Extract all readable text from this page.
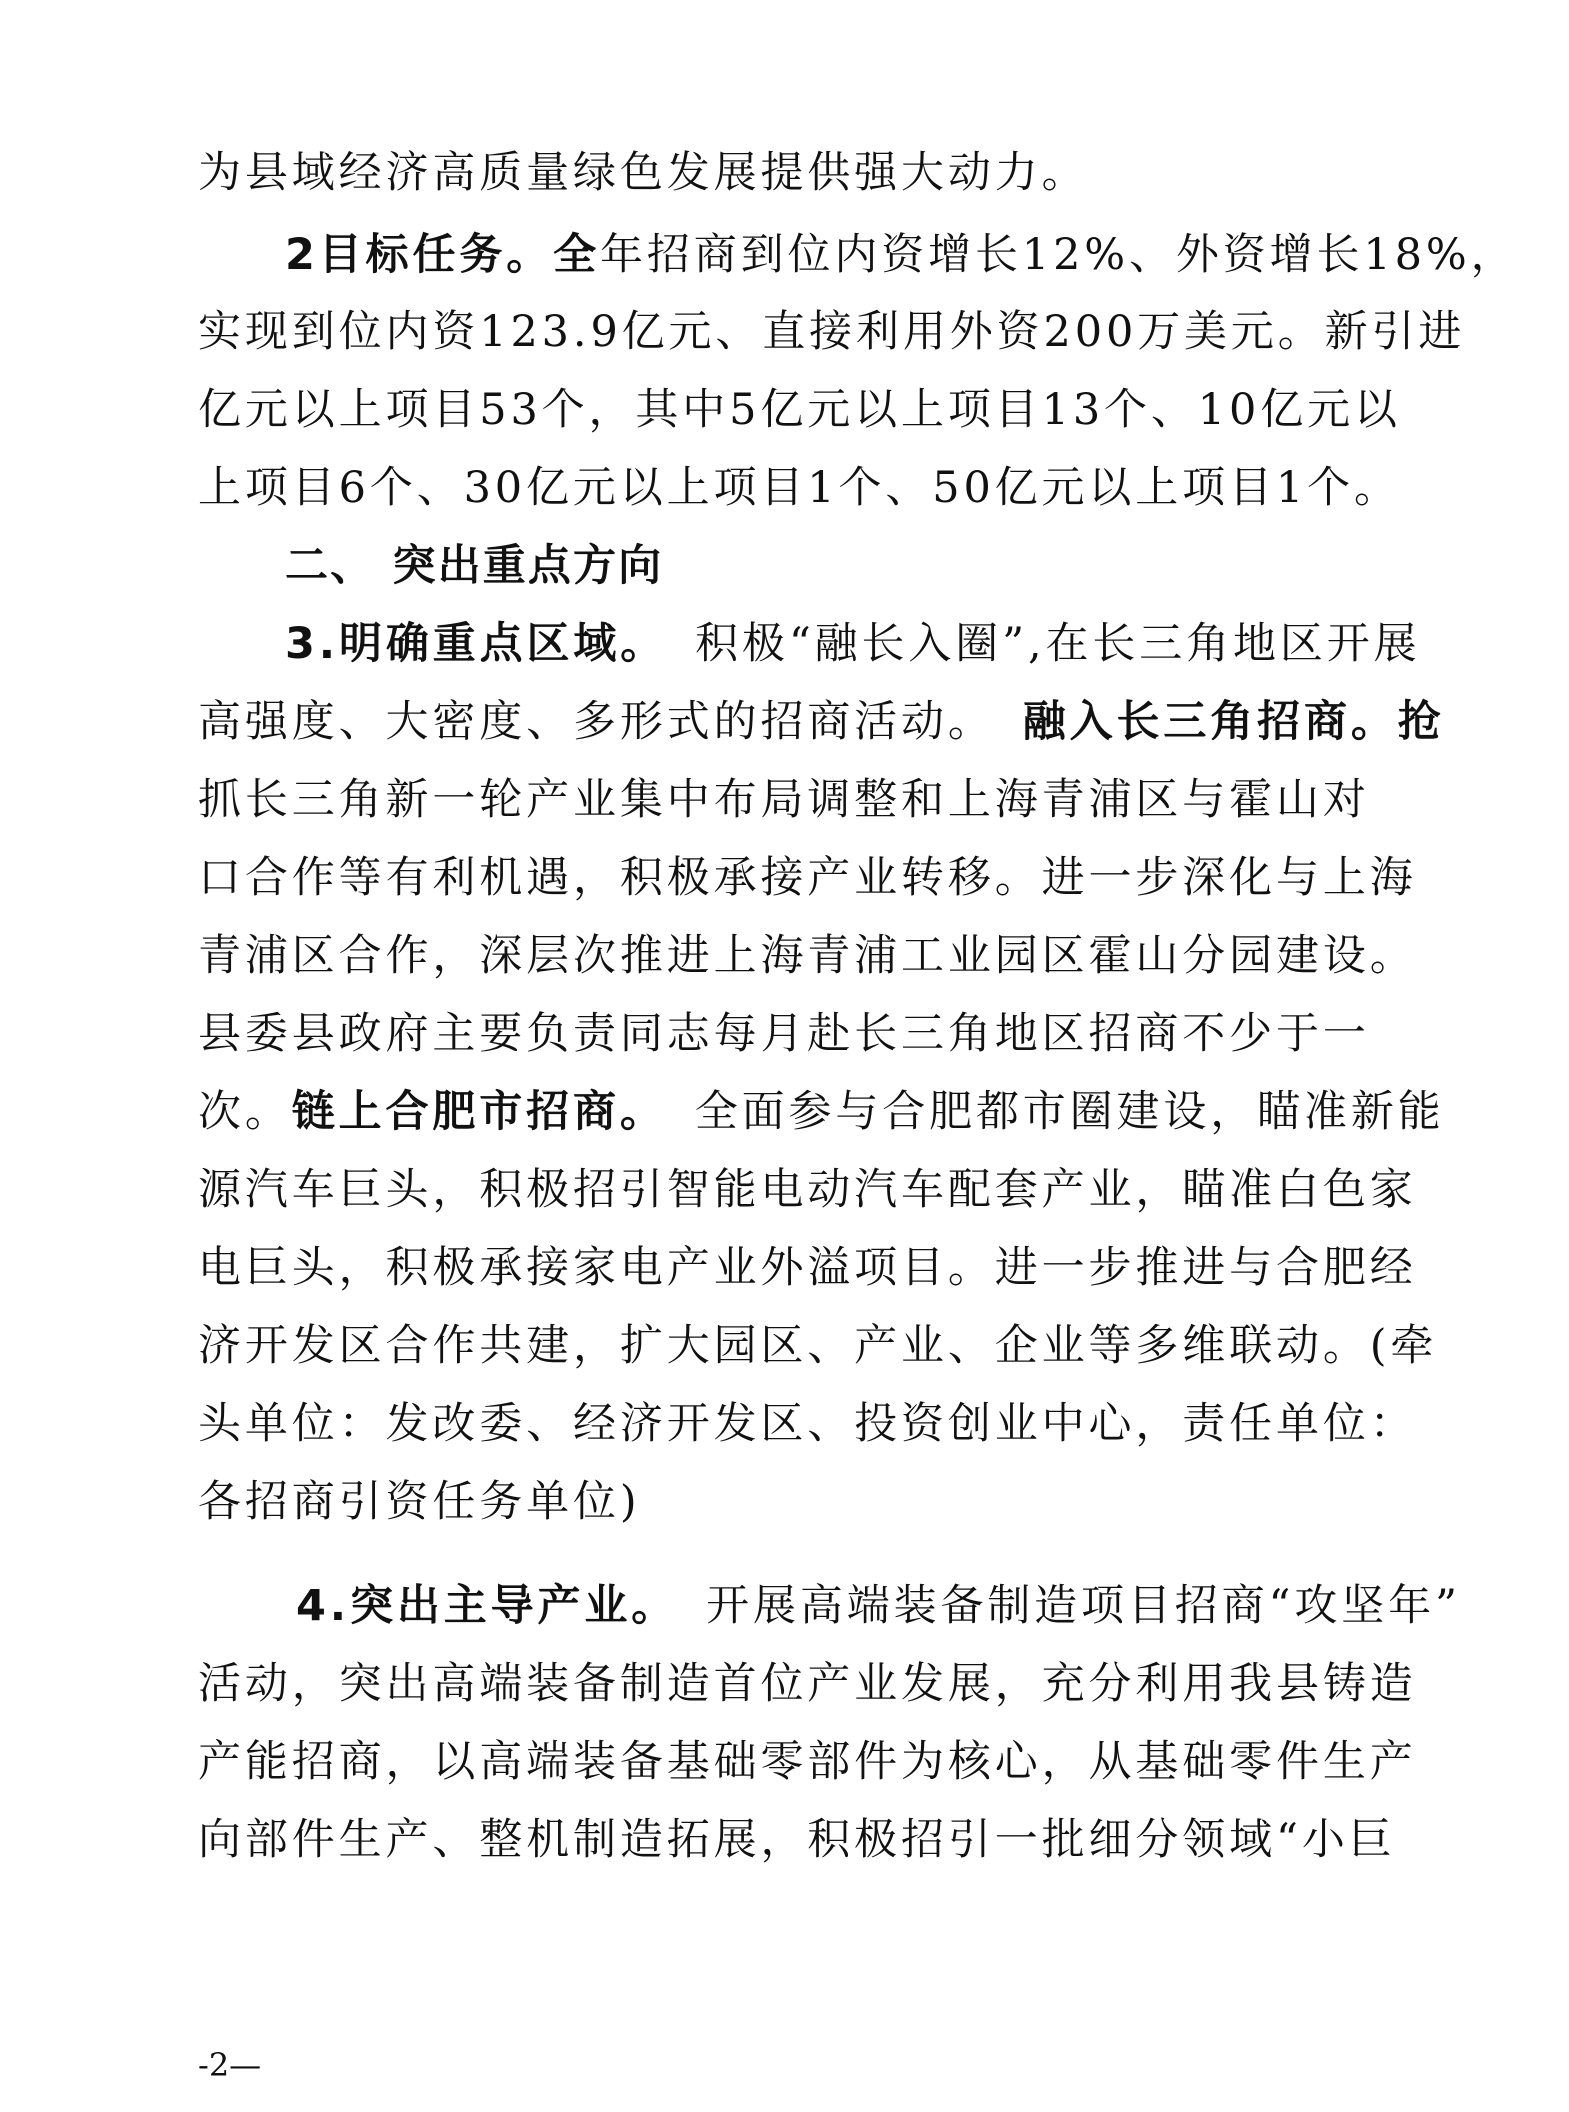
为县域经济高质量绿色发展提供强大动力。
2目标任务。全年招商到位内资增长12%、外资增长18%，
实现到位内资123.9亿元、直接利用外资200万美元。新引进
亿元以上项目53个，其中5亿元以上项目13个、10亿元以
上项目6个、30亿元以上项目1个、50亿元以上项目1个。
二、 突出重点方向
3.明确重点区域。 积极“融长入圈”,在长三角地区开展
高强度、大密度、多形式的招商活动。 融入长三角招商。抢
抓长三角新一轮产业集中布局调整和上海青浦区与霍山对
口合作等有利机遇，积极承接产业转移。进一步深化与上海
青浦区合作，深层次推进上海青浦工业园区霍山分园建设。
县委县政府主要负责同志每月赴长三角地区招商不少于一
次。链上合肥市招商。 全面参与合肥都市圈建设，瞄准新能
源汽车巨头，积极招引智能电动汽车配套产业，瞄准白色家
电巨头，积极承接家电产业外溢项目。进一步推进与合肥经
济开发区合作共建，扩大园区、产业、企业等多维联动。(牵
头单位：发改委、经济开发区、投资创业中心，责任单位：
各招商引资任务单位)
4.突出主导产业。 开展高端装备制造项目招商“攻坚年”
活动，突出高端装备制造首位产业发展，充分利用我县铸造
产能招商，以高端装备基础零部件为核心，从基础零件生产
向部件生产、整机制造拓展，积极招引一批细分领域“小巨
-2—
